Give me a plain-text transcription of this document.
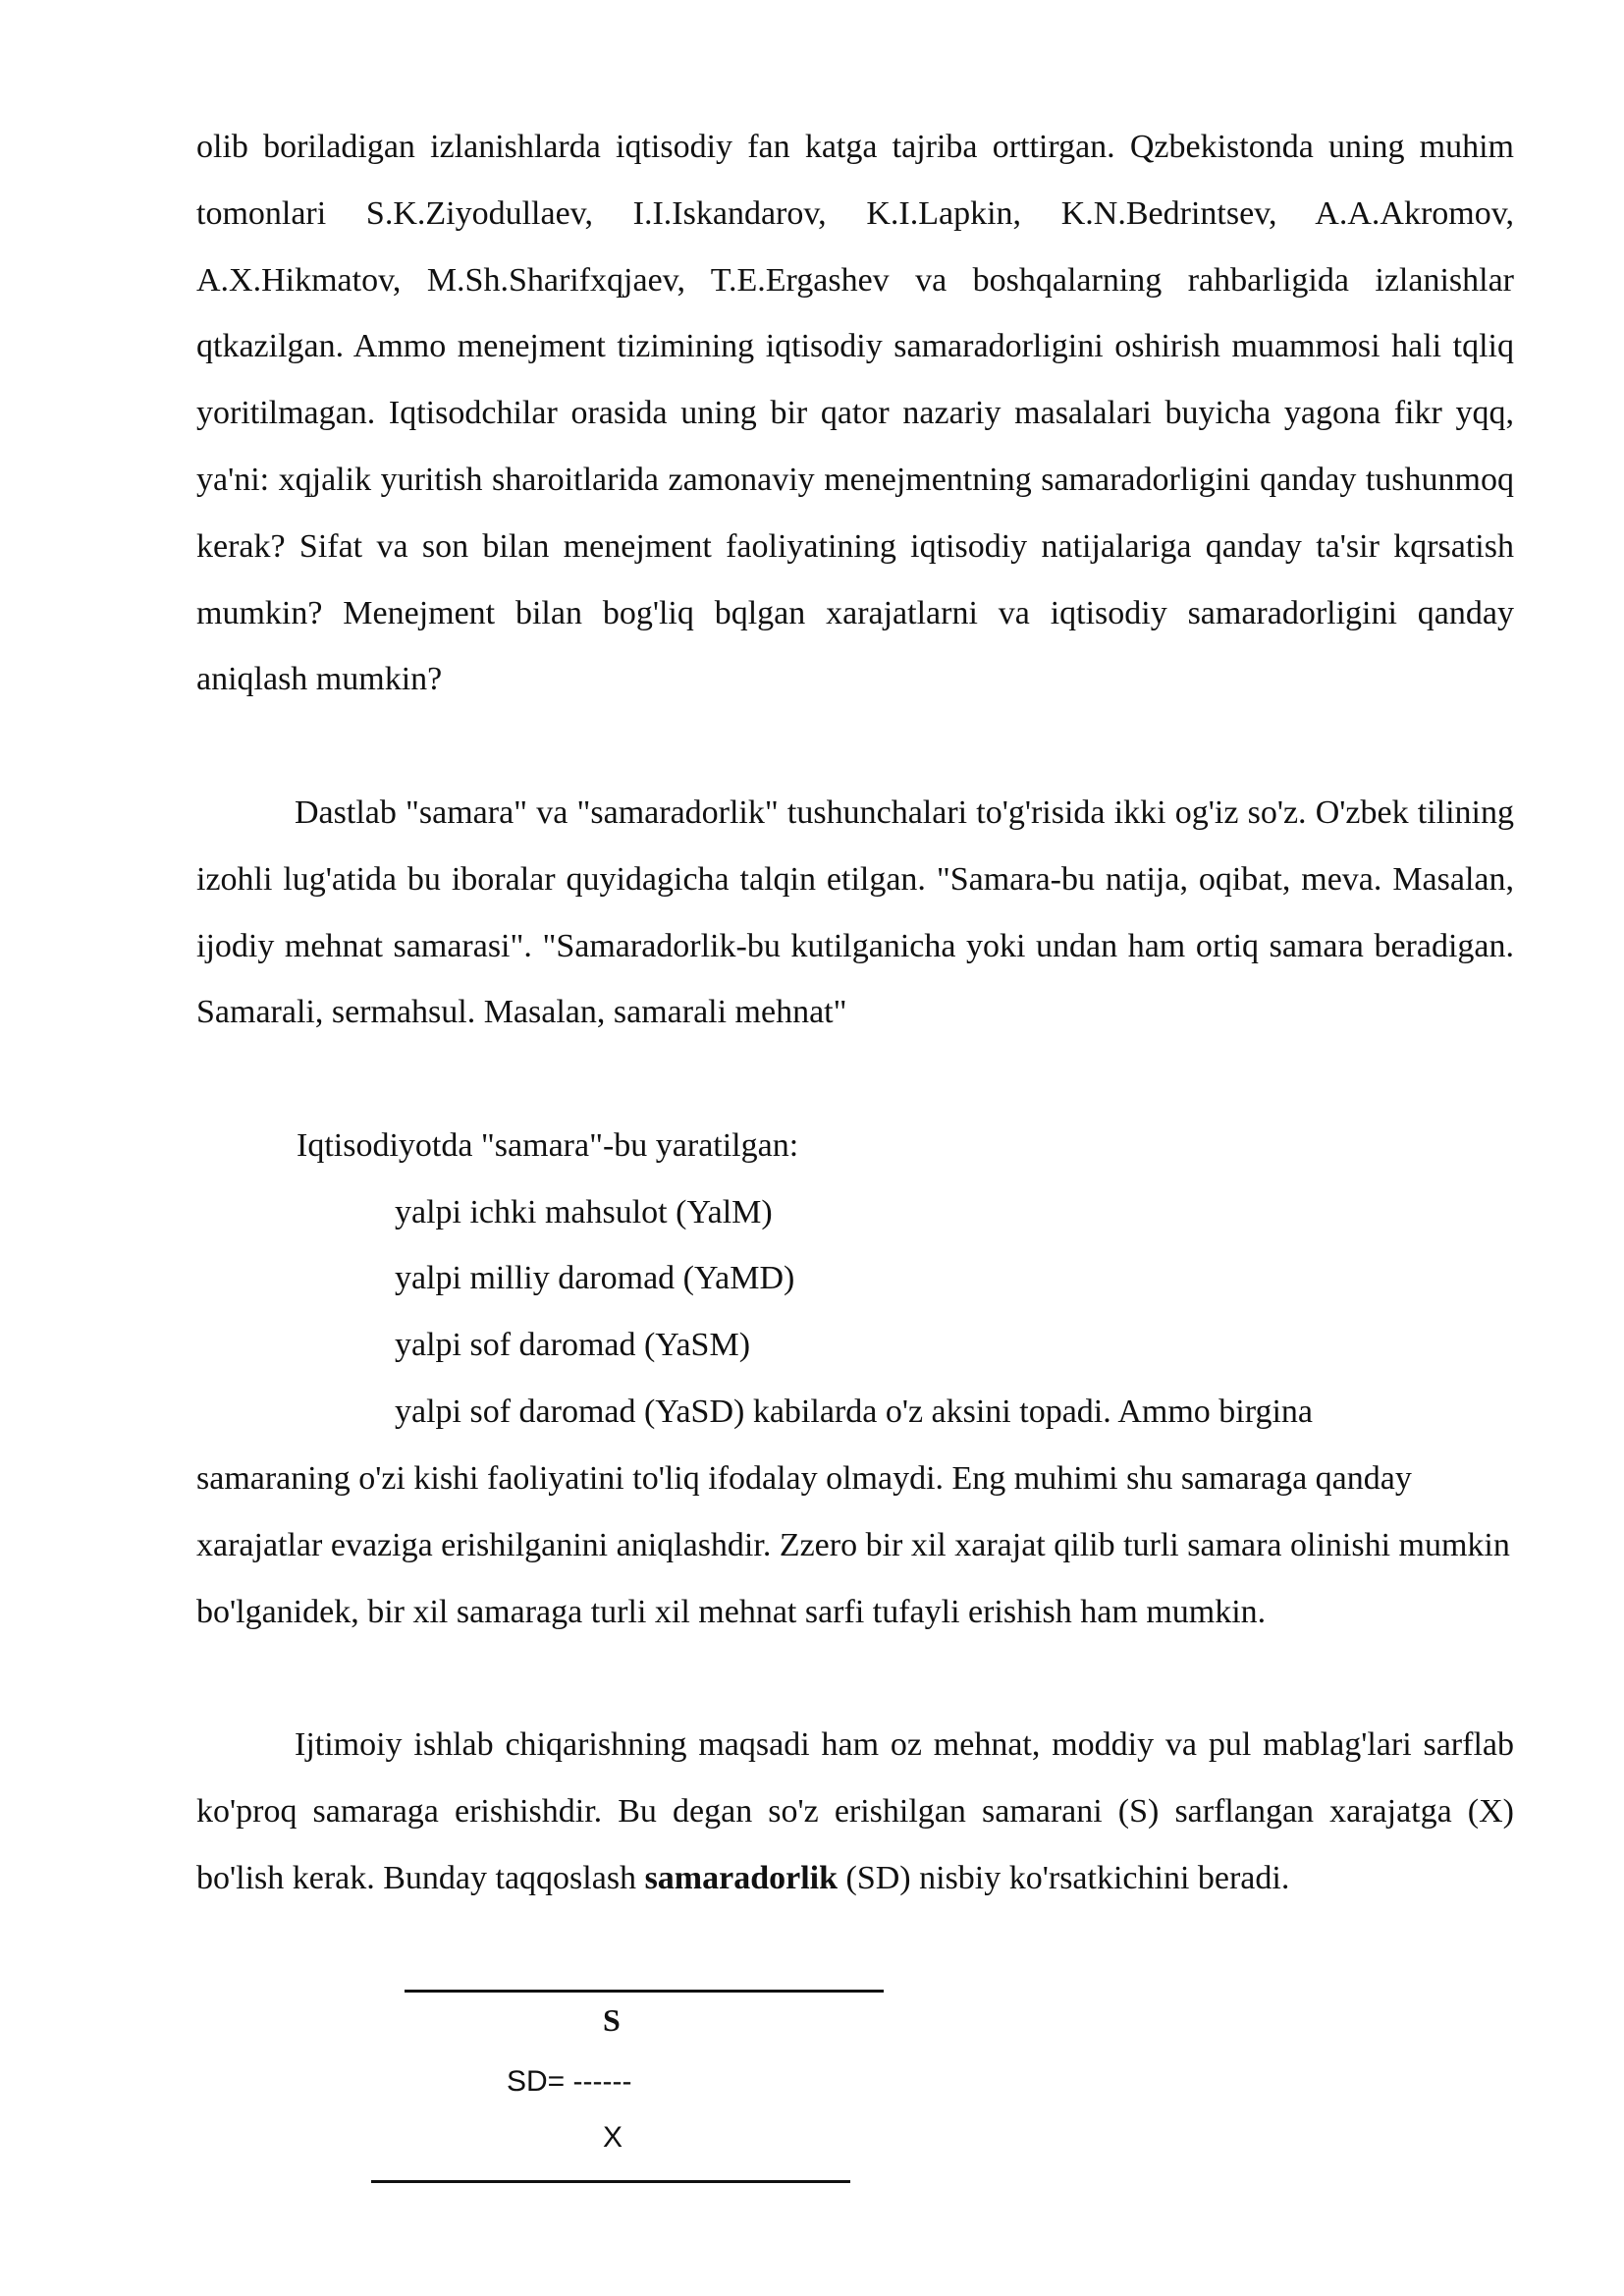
olib boriladigan izlanishlarda iqtisodiy fan katga tajriba orttirgan. Qzbekistonda uning muhim tomonlari S.K.Ziyodullaev, I.I.Iskandarov, K.I.Lapkin, K.N.Bedrintsev, A.A.Akromov, A.X.Hikmatov, M.Sh.Sharifxqjaev, T.E.Ergashev va boshqalarning rahbarligida izlanishlar qtkazilgan. Ammo menejment tizimining iqtisodiy samaradorligini oshirish muammosi hali tqliq yoritilmagan. Iqtisodchilar orasida uning bir qator nazariy masalalari buyicha yagona fikr yqq, ya'ni: xqjalik yuritish sharoitlarida zamonaviy menejmentning samaradorligini qanday tushunmoq kerak? Sifat va son bilan menejment faoliyatining iqtisodiy natijalariga qanday ta'sir kqrsatish mumkin? Menejment bilan bog'liq bqlgan xarajatlarni va iqtisodiy samaradorligini qanday aniqlash mumkin?

Dastlab "samara" va "samaradorlik" tushunchalari to'g'risida ikki og'iz so'z. O'zbek tilining izohli lug'atida bu iboralar quyidagicha talqin etilgan. "Samara-bu natija, oqibat, meva. Masalan, ijodiy mehnat samarasi". "Samaradorlik-bu kutilganicha yoki undan ham ortiq samara beradigan. Samarali, sermahsul. Masalan, samarali mehnat"

Iqtisodiyotda "samara"-bu yaratilgan:

yalpi ichki mahsulot (YalM)

yalpi milliy daromad (YaMD)

yalpi sof daromad (YaSM)

yalpi sof daromad (YaSD) kabilarda o'z aksini topadi. Ammo birgina

samaraning o'zi kishi faoliyatini to'liq ifodalay olmaydi. Eng muhimi shu samaraga qanday xarajatlar evaziga erishilganini aniqlashdir. Zzero bir xil xarajat qilib turli samara olinishi mumkin bo'lganidek, bir xil samaraga turli xil mehnat sarfi tufayli erishish ham mumkin.

Ijtimoiy ishlab chiqarishning maqsadi ham oz mehnat, moddiy va pul mablag'lari sarflab ko'proq samaraga erishishdir. Bu degan so'z erishilgan samarani (S) sarflangan xarajatga (X) bo'lish kerak. Bunday taqqoslash samaradorlik (SD) nisbiy ko'rsatkichini beradi.

S
SD= ------
X
